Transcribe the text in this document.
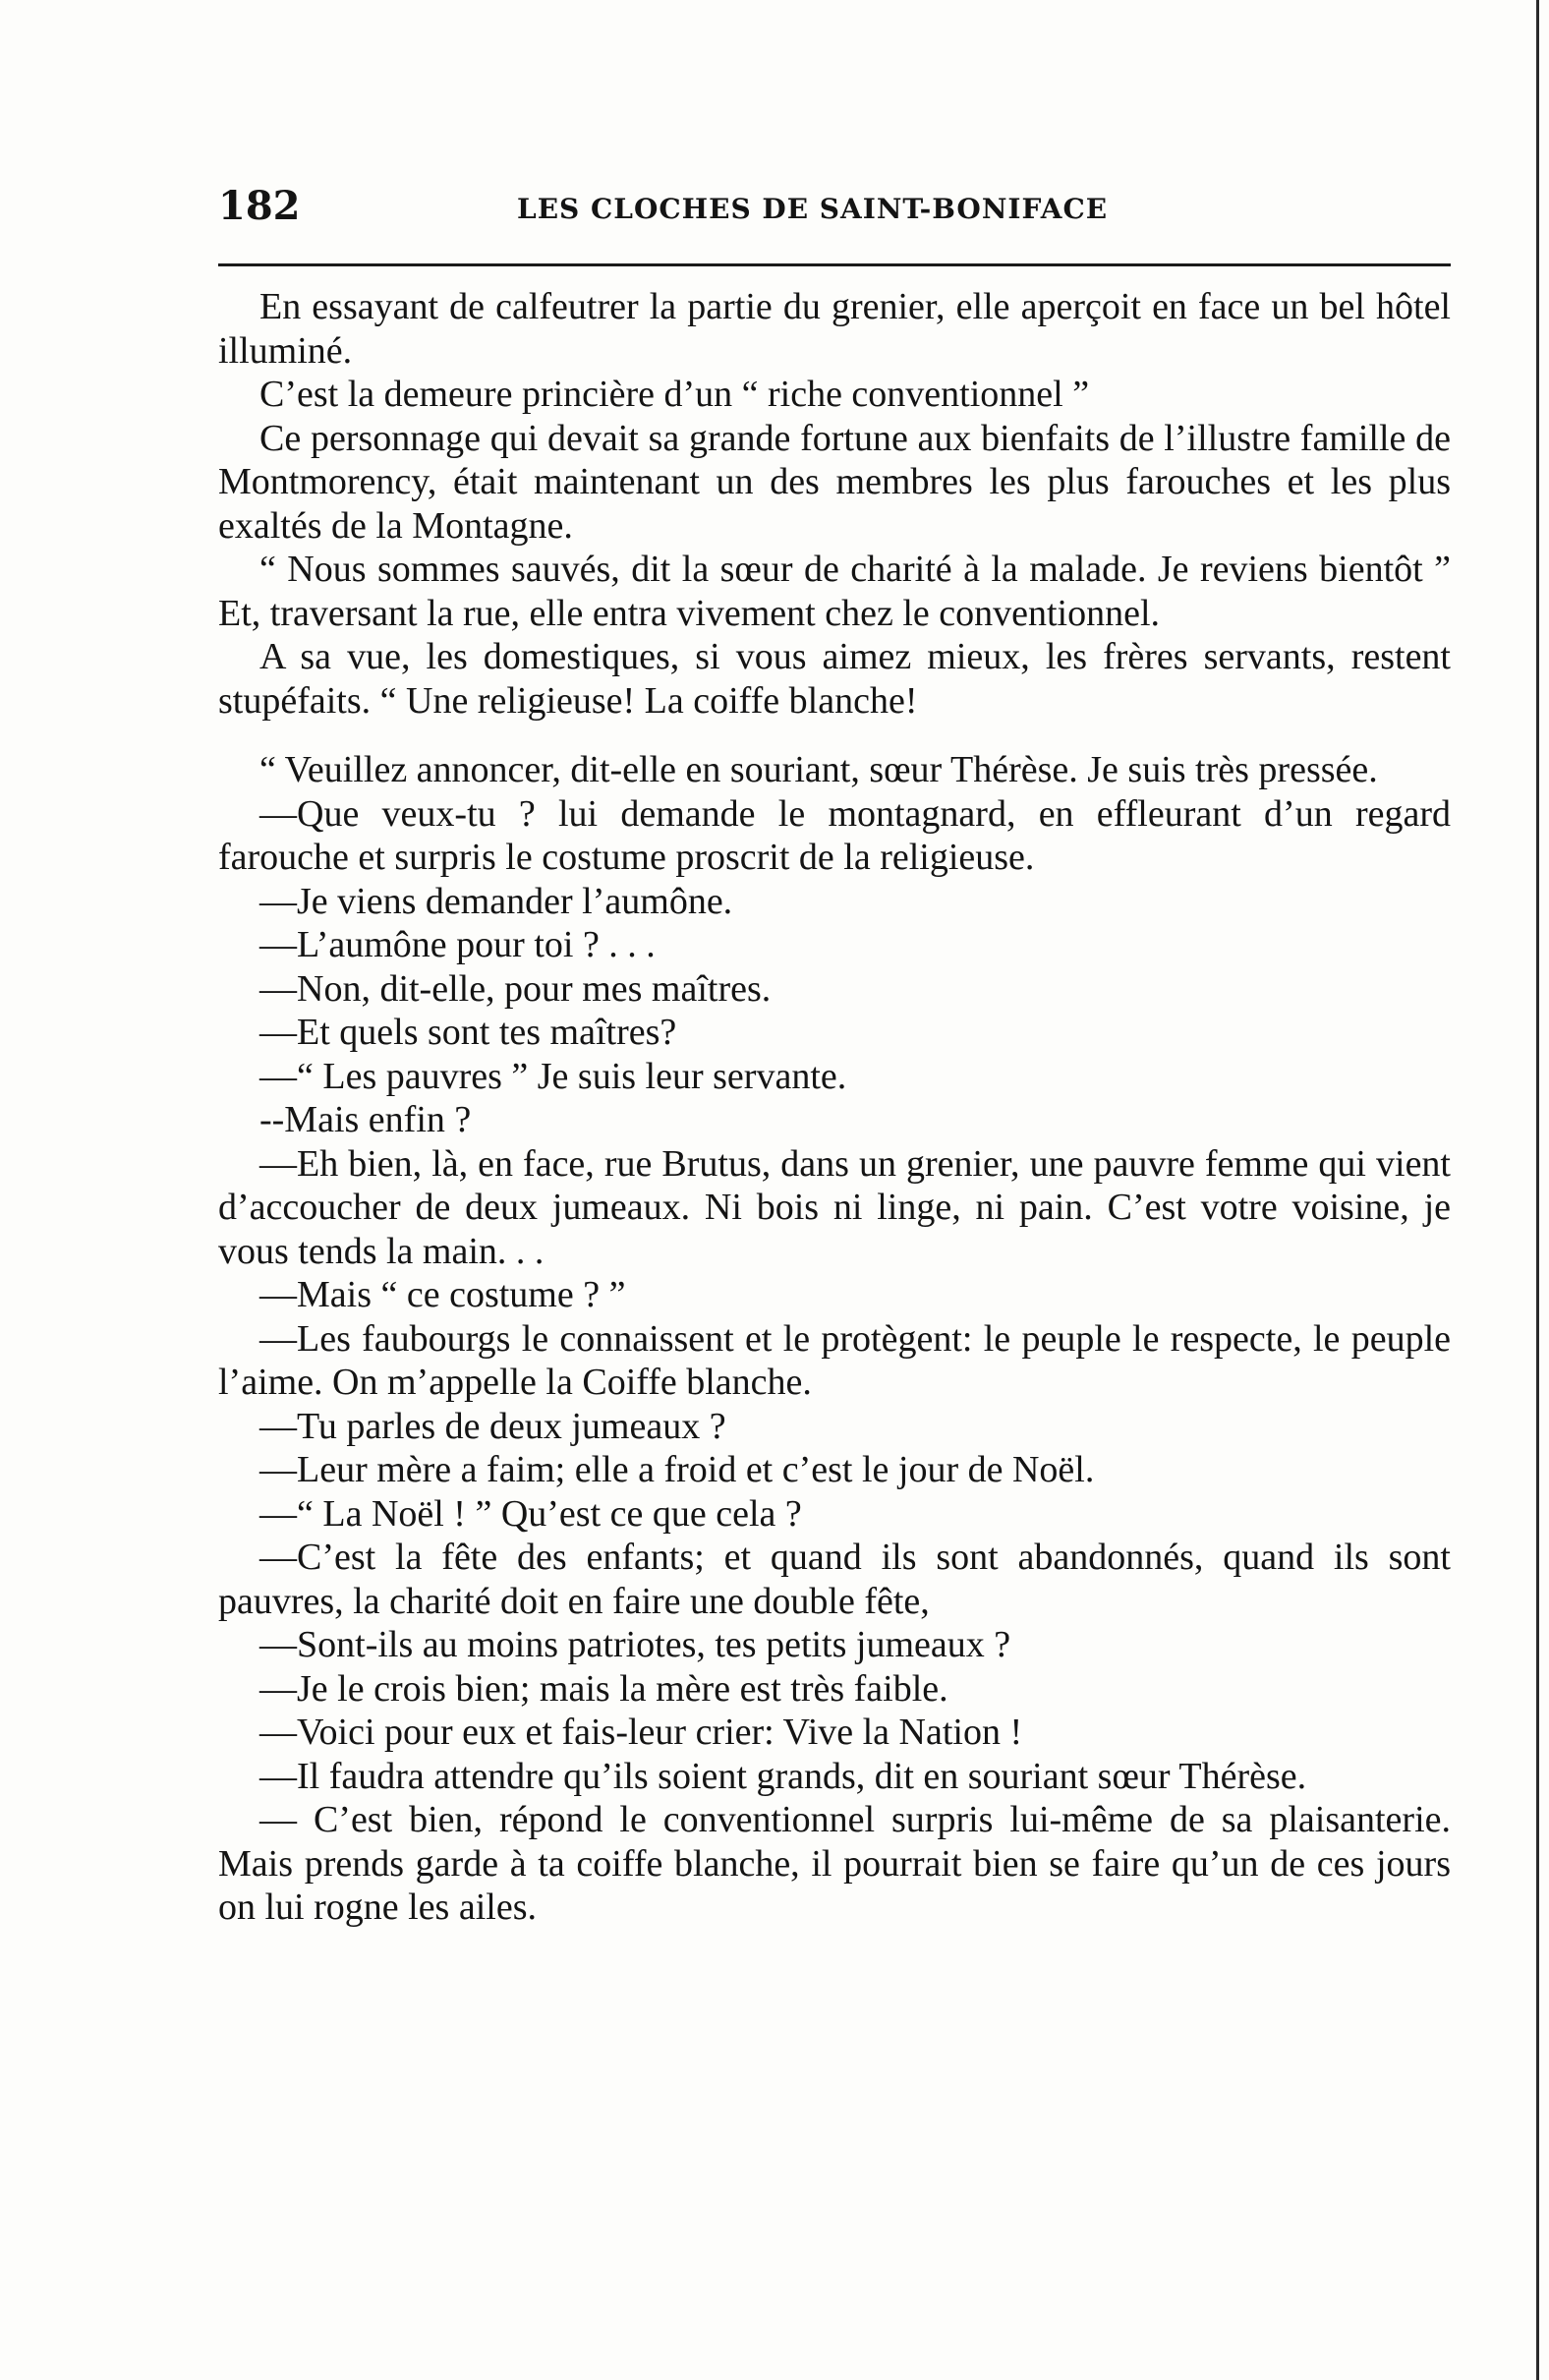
182	LES CLOCHES DE SAINT-BONIFACE

En essayant de calfeutrer la partie du grenier, elle aperçoit en face un bel hôtel illuminé.

C’est la demeure princière d’un “ riche conventionnel ”

Ce personnage qui devait sa grande fortune aux bienfaits de l’illustre famille de Montmorency, était maintenant un des membres les plus farouches et les plus exaltés de la Montagne.

“ Nous sommes sauvés, dit la sœur de charité à la malade. Je reviens bientôt ” Et, traversant la rue, elle entra vivement chez le conventionnel.

A sa vue, les domestiques, si vous aimez mieux, les frères servants, restent stupéfaits. “ Une religieuse! La coiffe blanche!

“ Veuillez annoncer, dit-elle en souriant, sœur Thérèse. Je suis très pressée.

—Que veux-tu ? lui demande le montagnard, en effleurant d’un regard farouche et surpris le costume proscrit de la religieuse.

—Je viens demander l’aumône.

—L’aumône pour toi ? . . .

—Non, dit-elle, pour mes maîtres.

—Et quels sont tes maîtres?

—“ Les pauvres ” Je suis leur servante.

--Mais enfin ?

—Eh bien, là, en face, rue Brutus, dans un grenier, une pauvre femme qui vient d’accoucher de deux jumeaux. Ni bois ni linge, ni pain. C’est votre voisine, je vous tends la main. . .

—Mais “ ce costume ? ”

—Les faubourgs le connaissent et le protègent: le peuple le respecte, le peuple l’aime. On m’appelle la Coiffe blanche.

—Tu parles de deux jumeaux ?

—Leur mère a faim; elle a froid et c’est le jour de Noël.

—“ La Noël ! ” Qu’est ce que cela ?

—C’est la fête des enfants; et quand ils sont abandonnés, quand ils sont pauvres, la charité doit en faire une double fête,

—Sont-ils au moins patriotes, tes petits jumeaux ?

—Je le crois bien; mais la mère est très faible.

—Voici pour eux et fais-leur crier: Vive la Nation !

—Il faudra attendre qu’ils soient grands, dit en souriant sœur Thérèse.

— C’est bien, répond le conventionnel surpris lui-même de sa plaisanterie. Mais prends garde à ta coiffe blanche, il pourrait bien se faire qu’un de ces jours on lui rogne les ailes.
